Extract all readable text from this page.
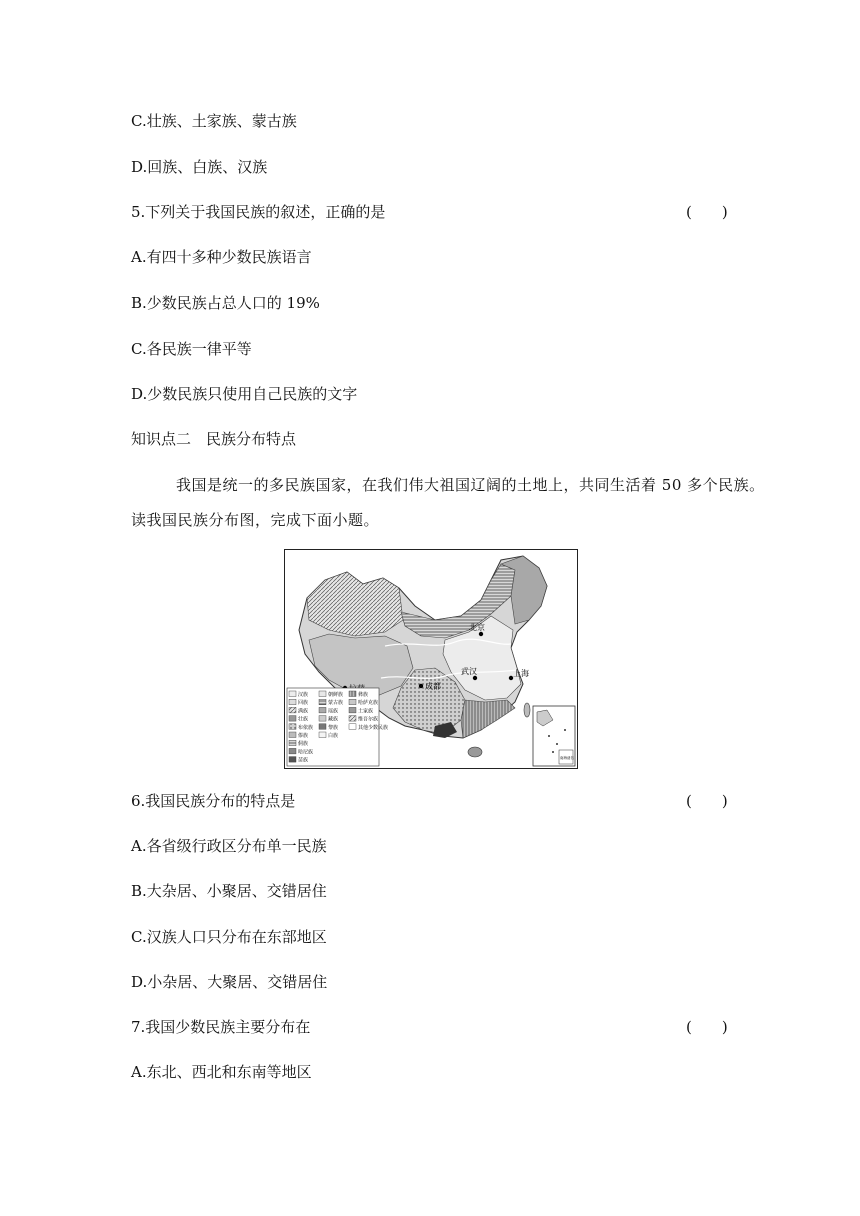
C.壮族、土家族、蒙古族
D.回族、白族、汉族
5.下列关于我国民族的叙述，正确的是	(　　)
A.有四十多种少数民族语言
B.少数民族占总人口的 19%
C.各民族一律平等
D.少数民族只使用自己民族的文字
知识点二　民族分布特点
我国是统一的多民族国家，在我们伟大祖国辽阔的土地上，共同生活着 50 多个民族。
读我国民族分布图，完成下面小题。
北京
成都
武汉	上海
汉族
回族
满族
壮族
布依族
傣族
侗族
哈尼族
苗族
朝鲜族
蒙古族
瑶族
藏族
黎族
白族
彝族
哈萨克族
土家族
维吾尔族
其他少数民族
南海诸岛
6.我国民族分布的特点是	(　　)
A.各省级行政区分布单一民族
B.大杂居、小聚居、交错居住
C.汉族人口只分布在东部地区
D.小杂居、大聚居、交错居住
7.我国少数民族主要分布在	(　　)
A.东北、西北和东南等地区
